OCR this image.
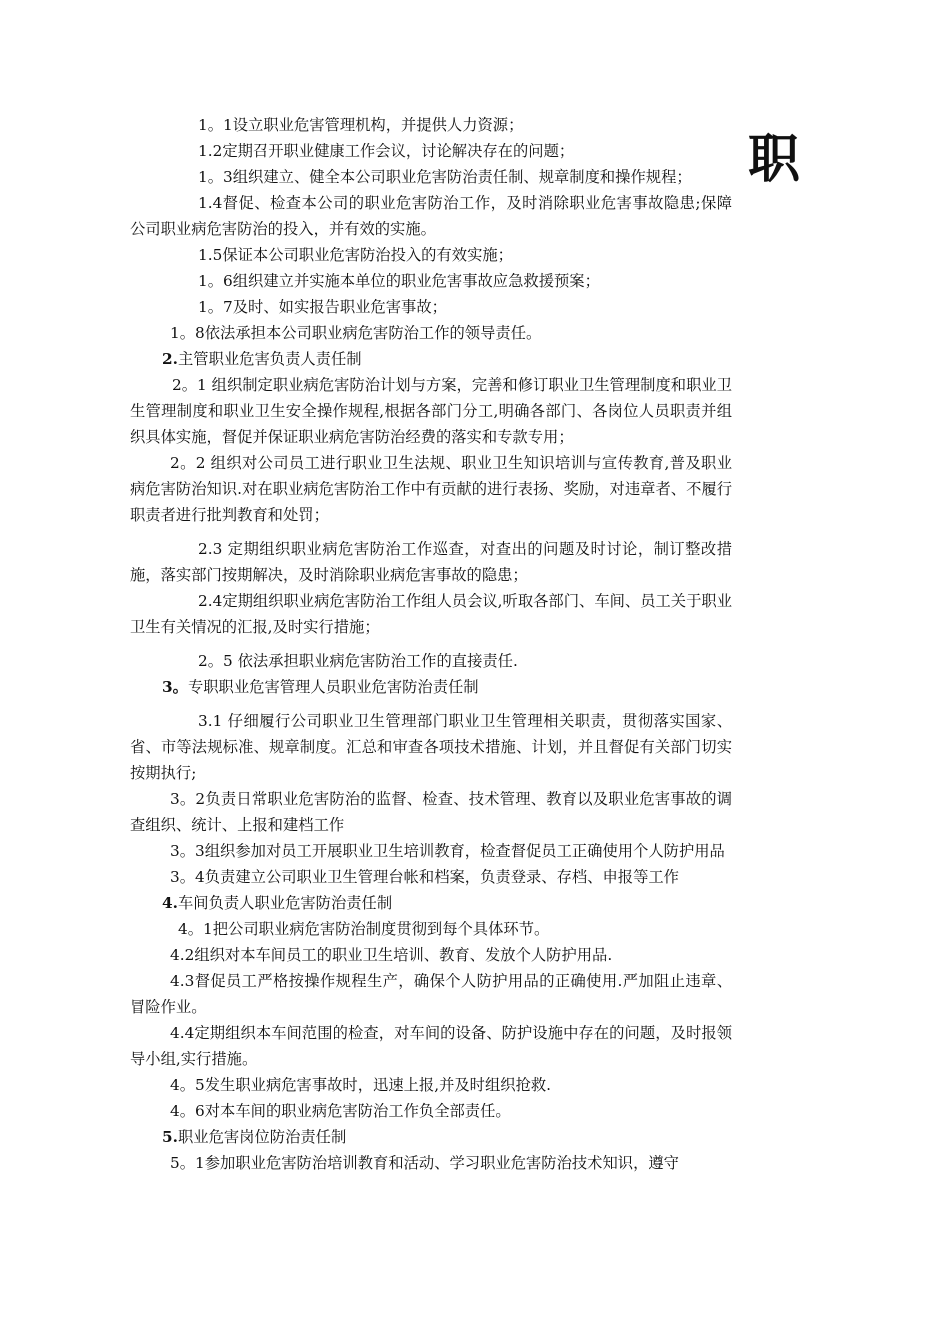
职

1。1设立职业危害管理机构，并提供人力资源；

1.2定期召开职业健康工作会议，讨论解决存在的问题；

1。3组织建立、健全本公司职业危害防治责任制、规章制度和操作规程；

1.4督促、检查本公司的职业危害防治工作，及时消除职业危害事故隐患;保障公司职业病危害防治的投入，并有效的实施。

1.5保证本公司职业危害防治投入的有效实施；

1。6组织建立并实施本单位的职业危害事故应急救援预案；

1。7及时、如实报告职业危害事故；

1。8依法承担本公司职业病危害防治工作的领导责任。

2.主管职业危害负责人责任制

2。1 组织制定职业病危害防治计划与方案，完善和修订职业卫生管理制度和职业卫生管理制度和职业卫生安全操作规程,根据各部门分工,明确各部门、各岗位人员职责并组织具体实施，督促并保证职业病危害防治经费的落实和专款专用；

2。2 组织对公司员工进行职业卫生法规、职业卫生知识培训与宣传教育,普及职业病危害防治知识.对在职业病危害防治工作中有贡献的进行表扬、奖励，对违章者、不履行职责者进行批判教育和处罚；

2.3 定期组织职业病危害防治工作巡查，对查出的问题及时讨论，制订整改措施，落实部门按期解决，及时消除职业病危害事故的隐患；

2.4定期组织职业病危害防治工作组人员会议,听取各部门、车间、员工关于职业卫生有关情况的汇报,及时实行措施；

2。5 依法承担职业病危害防治工作的直接责任.

3。专职职业危害管理人员职业危害防治责任制

3.1 仔细履行公司职业卫生管理部门职业卫生管理相关职责，贯彻落实国家、省、市等法规标准、规章制度。汇总和审查各项技术措施、计划，并且督促有关部门切实按期执行;

3。2负责日常职业危害防治的监督、检查、技术管理、教育以及职业危害事故的调查组织、统计、上报和建档工作

3。3组织参加对员工开展职业卫生培训教育，检查督促员工正确使用个人防护用品

3。4负责建立公司职业卫生管理台帐和档案，负责登录、存档、申报等工作

4.车间负责人职业危害防治责任制

4。1把公司职业病危害防治制度贯彻到每个具体环节。

4.2组织对本车间员工的职业卫生培训、教育、发放个人防护用品.

4.3督促员工严格按操作规程生产，确保个人防护用品的正确使用.严加阻止违章、冒险作业。

4.4定期组织本车间范围的检查，对车间的设备、防护设施中存在的问题，及时报领导小组,实行措施。

4。5发生职业病危害事故时，迅速上报,并及时组织抢救.

4。6对本车间的职业病危害防治工作负全部责任。

5.职业危害岗位防治责任制

5。1参加职业危害防治培训教育和活动、学习职业危害防治技术知识，遵守
